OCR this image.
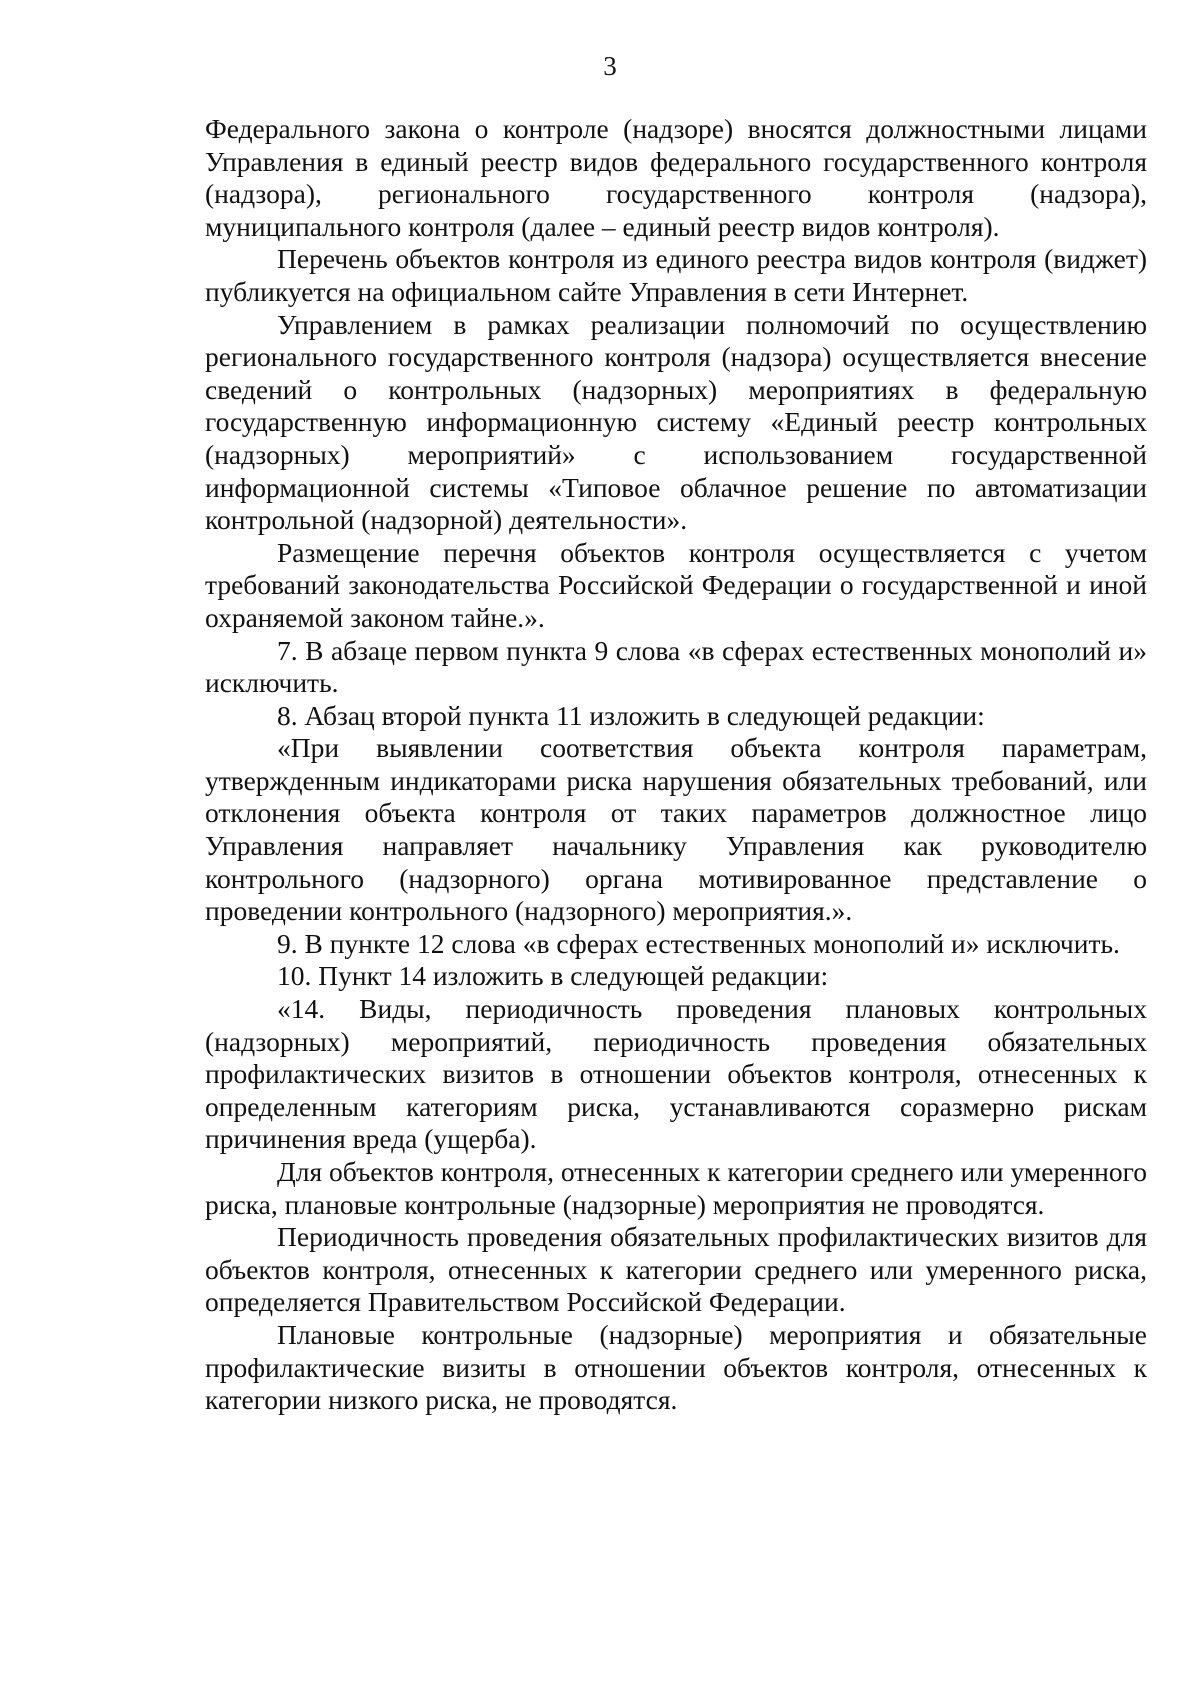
3

Федерального закона о контроле (надзоре) вносятся должностными лицами Управления в единый реестр видов федерального государственного контроля (надзора), регионального государственного контроля (надзора), муниципального контроля (далее – единый реестр видов контроля).

Перечень объектов контроля из единого реестра видов контроля (виджет) публикуется на официальном сайте Управления в сети Интернет.

Управлением в рамках реализации полномочий по осуществлению регионального государственного контроля (надзора) осуществляется внесение сведений о контрольных (надзорных) мероприятиях в федеральную государственную информационную систему «Единый реестр контрольных (надзорных) мероприятий» с использованием государственной информационной системы «Типовое облачное решение по автоматизации контрольной (надзорной) деятельности».

Размещение перечня объектов контроля осуществляется с учетом требований законодательства Российской Федерации о государственной и иной охраняемой законом тайне.».

7. В абзаце первом пункта 9 слова «в сферах естественных монополий и» исключить.

8. Абзац второй пункта 11 изложить в следующей редакции:

«При выявлении соответствия объекта контроля параметрам, утвержденным индикаторами риска нарушения обязательных требований, или отклонения объекта контроля от таких параметров должностное лицо Управления направляет начальнику Управления как руководителю контрольного (надзорного) органа мотивированное представление о проведении контрольного (надзорного) мероприятия.».

9. В пункте 12 слова «в сферах естественных монополий и» исключить.

10. Пункт 14 изложить в следующей редакции:

«14. Виды, периодичность проведения плановых контрольных (надзорных) мероприятий, периодичность проведения обязательных профилактических визитов в отношении объектов контроля, отнесенных к определенным категориям риска, устанавливаются соразмерно рискам причинения вреда (ущерба).

Для объектов контроля, отнесенных к категории среднего или умеренного риска, плановые контрольные (надзорные) мероприятия не проводятся.

Периодичность проведения обязательных профилактических визитов для объектов контроля, отнесенных к категории среднего или умеренного риска, определяется Правительством Российской Федерации.

Плановые контрольные (надзорные) мероприятия и обязательные профилактические визиты в отношении объектов контроля, отнесенных к категории низкого риска, не проводятся.
